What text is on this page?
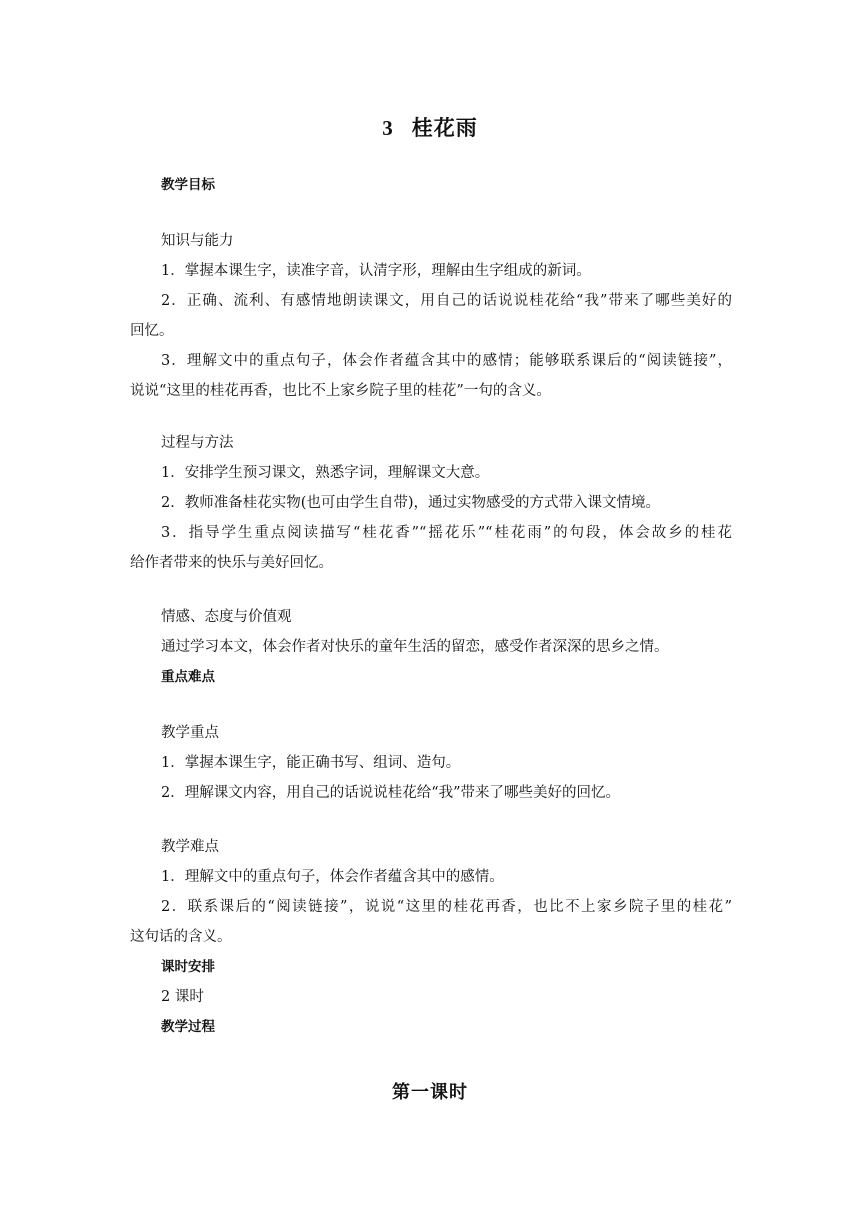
3 桂花雨
教学目标
知识与能力
1．掌握本课生字，读准字音，认清字形，理解由生字组成的新词。
2．正确、流利、有感情地朗读课文，用自己的话说说桂花给“我”带来了哪些美好的
回忆。
3．理解文中的重点句子，体会作者蕴含其中的感情；能够联系课后的“阅读链接”，
说说“这里的桂花再香，也比不上家乡院子里的桂花”一句的含义。
过程与方法
1．安排学生预习课文，熟悉字词，理解课文大意。
2．教师准备桂花实物(也可由学生自带)，通过实物感受的方式带入课文情境。
3．指导学生重点阅读描写“桂花香”“摇花乐”“桂花雨”的句段，体会故乡的桂花
给作者带来的快乐与美好回忆。
情感、态度与价值观
通过学习本文，体会作者对快乐的童年生活的留恋，感受作者深深的思乡之情。
重点难点
教学重点
1．掌握本课生字，能正确书写、组词、造句。
2．理解课文内容，用自己的话说说桂花给“我”带来了哪些美好的回忆。
教学难点
1．理解文中的重点句子，体会作者蕴含其中的感情。
2．联系课后的“阅读链接”，说说“这里的桂花再香，也比不上家乡院子里的桂花”
这句话的含义。
课时安排
2 课时
教学过程
第一课时
